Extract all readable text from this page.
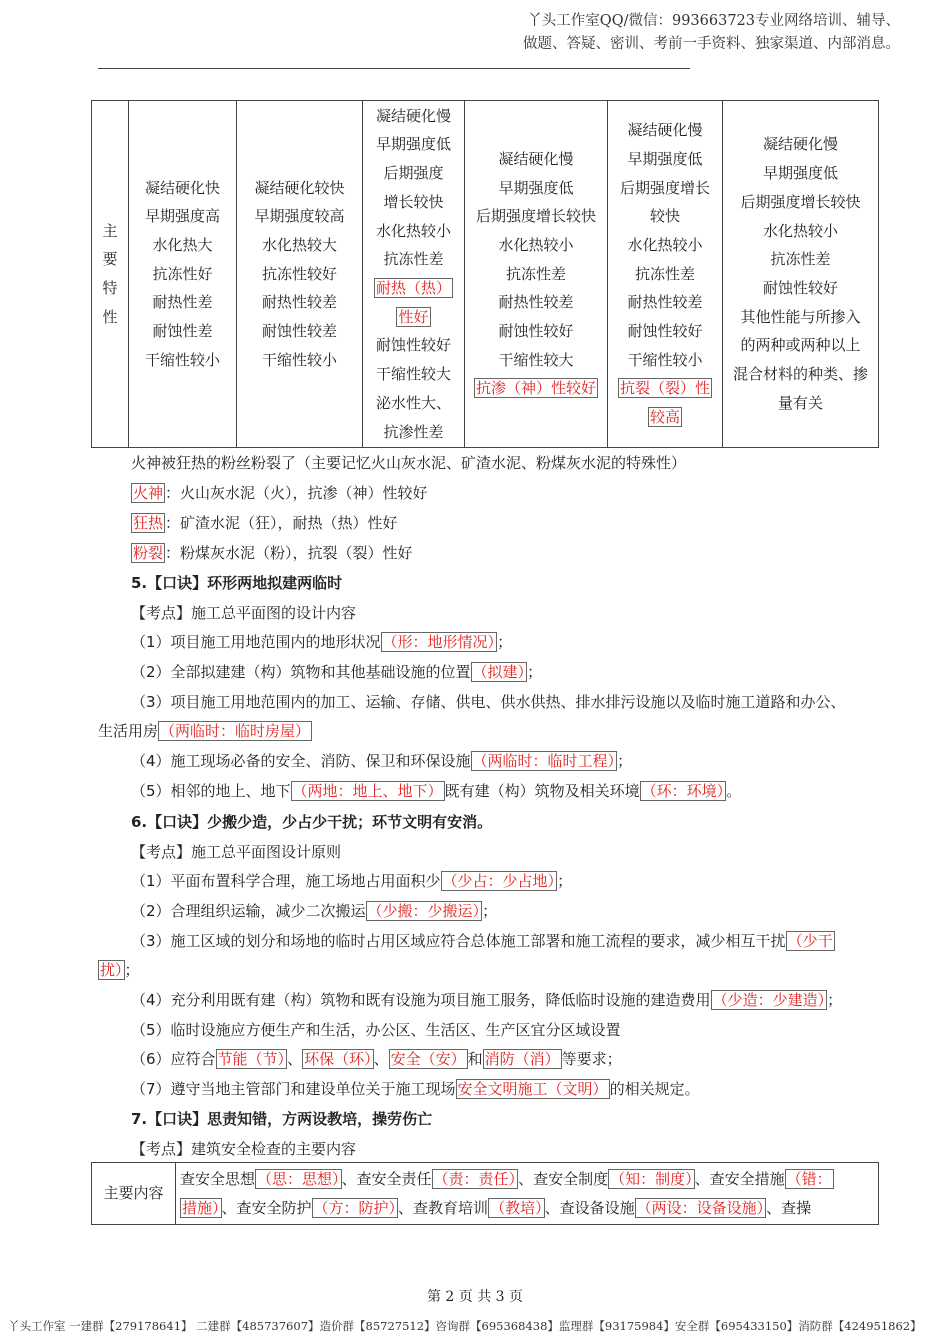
丫头工作室QQ/微信：993663723专业网络培训、辅导、
做题、答疑、密训、考前一手资料、独家渠道、内部消息。
主
要
特
性

凝结硬化快
早期强度高
水化热大
抗冻性好
耐热性差
耐蚀性差
干缩性较小

凝结硬化较快
早期强度较高
水化热较大
抗冻性较好
耐热性较差
耐蚀性较差
干缩性较小

凝结硬化慢
早期强度低
后期强度
增长较快
水化热较小
抗冻性差
耐热（热）
性好
耐蚀性较好
干缩性较大
泌水性大、
抗渗性差

凝结硬化慢
早期强度低
后期强度增长较快
水化热较小
抗冻性差
耐热性较差
耐蚀性较好
干缩性较大
抗渗（神）性较好

凝结硬化慢
早期强度低
后期强度增长
较快
水化热较小
抗冻性差
耐热性较差
耐蚀性较好
干缩性较小
抗裂（裂）性
较高

凝结硬化慢
早期强度低
后期强度增长较快
水化热较小
抗冻性差
耐蚀性较好
其他性能与所掺入
的两种或两种以上
混合材料的种类、掺
量有关
火神被狂热的粉丝粉裂了（主要记忆火山灰水泥、矿渣水泥、粉煤灰水泥的特殊性）
火神 ：火山灰水泥（火），抗渗（神）性较好
狂热 ：矿渣水泥（狂），耐热（热）性好
粉裂 ：粉煤灰水泥（粉），抗裂（裂）性好
5.【口诀】环形两地拟建两临时
【考点】施工总平面图的设计内容
（1）项目施工用地范围内的地形状况 （形：地形情况） ；
（2）全部拟建建（构）筑物和其他基础设施的位置 （拟建） ；
（3）项目施工用地范围内的加工、运输、存储、供电、供水供热、排水排污设施以及临时施工道路和办公、
生活用房 （两临时：临时房屋）
（4）施工现场必备的安全、消防、保卫和环保设施 （两临时：临时工程） ；
（5）相邻的地上、地下 （两地：地上、地下） 既有建（构）筑物及相关环境 （环：环境） 。
6.【口诀】少搬少造，少占少干扰；环节文明有安消。
【考点】施工总平面图设计原则
（1）平面布置科学合理，施工场地占用面积少 （少占：少占地） ；
（2）合理组织运输，减少二次搬运 （少搬：少搬运） ；
（3）施工区域的划分和场地的临时占用区域应符合总体施工部署和施工流程的要求，减少相互干扰 （少干
扰） ；
（4）充分利用既有建（构）筑物和既有设施为项目施工服务，降低临时设施的建造费用 （少造：少建造） ；
（5）临时设施应方便生产和生活，办公区、生活区、生产区宜分区域设置
（6）应符合 节能（节） 、 环保（环） 、 安全（安） 和 消防（消） 等要求；
（7）遵守当地主管部门和建设单位关于施工现场 安全文明施工（文明） 的相关规定。
7.【口诀】思责知错，方两设教培，操劳伤亡
【考点】建筑安全检查的主要内容
主要内容	
查安全思想 （思：思想） 、查安全责任 （责：责任） 、查安全制度 （知：制度） 、查安全措施 （错：
措施） 、查安全防护 （方：防护） 、查教育培训 （教培） 、查设备设施 （两设：设备设施） 、查操
第 2 页 共 3 页
丫头工作室 一建群【279178641】 二建群【485737607】造价群【85727512】咨询群【695368438】监理群【93175984】安全群【695433150】消防群【424951862】
